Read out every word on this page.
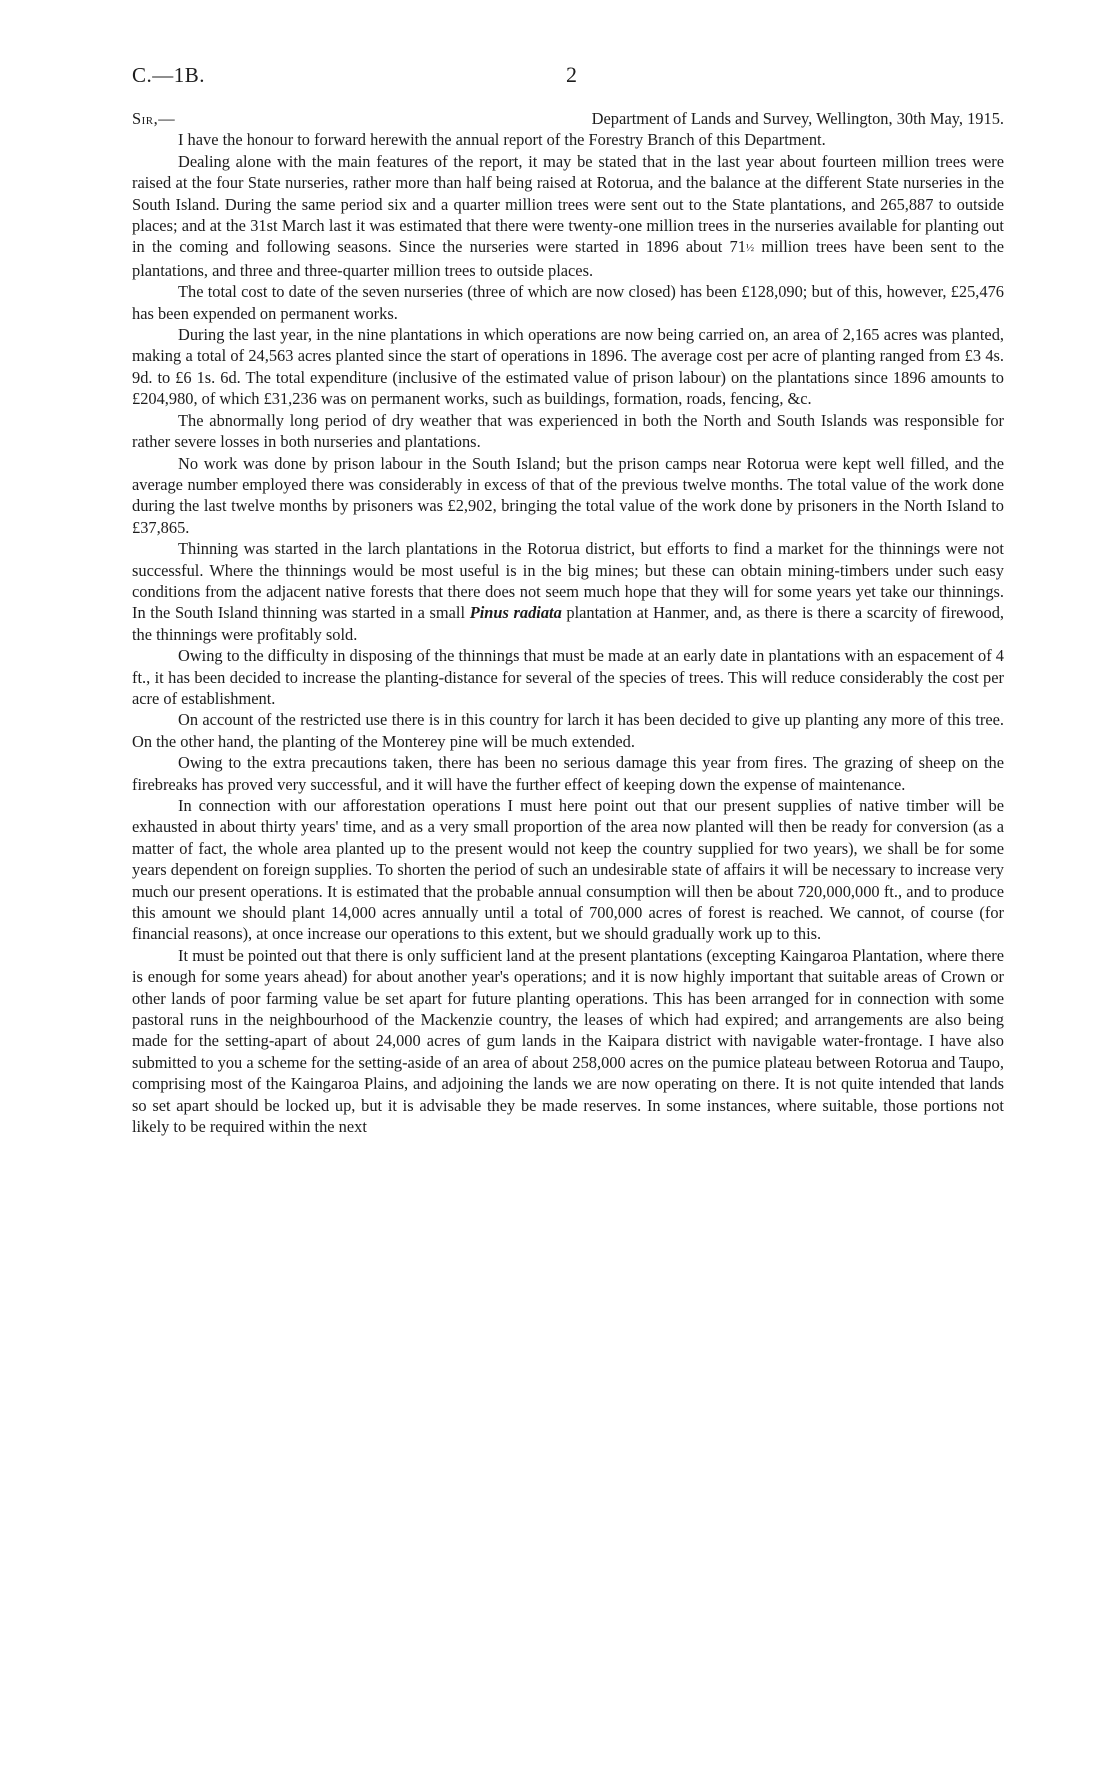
C.—1B.	2
Sir,—	Department of Lands and Survey, Wellington, 30th May, 1915.

I have the honour to forward herewith the annual report of the Forestry Branch of this Department.

Dealing alone with the main features of the report, it may be stated that in the last year about fourteen million trees were raised at the four State nurseries, rather more than half being raised at Rotorua, and the balance at the different State nurseries in the South Island. During the same period six and a quarter million trees were sent out to the State plantations, and 265,887 to outside places; and at the 31st March last it was estimated that there were twenty-one million trees in the nurseries available for planting out in the coming and following seasons. Since the nurseries were started in 1896 about 71½ million trees have been sent to the plantations, and three and three-quarter million trees to outside places.

The total cost to date of the seven nurseries (three of which are now closed) has been £128,090; but of this, however, £25,476 has been expended on permanent works.

During the last year, in the nine plantations in which operations are now being carried on, an area of 2,165 acres was planted, making a total of 24,563 acres planted since the start of operations in 1896. The average cost per acre of planting ranged from £3 4s. 9d. to £6 1s. 6d. The total expenditure (inclusive of the estimated value of prison labour) on the plantations since 1896 amounts to £204,980, of which £31,236 was on permanent works, such as buildings, formation, roads, fencing, &c.

The abnormally long period of dry weather that was experienced in both the North and South Islands was responsible for rather severe losses in both nurseries and plantations.

No work was done by prison labour in the South Island; but the prison camps near Rotorua were kept well filled, and the average number employed there was considerably in excess of that of the previous twelve months. The total value of the work done during the last twelve months by prisoners was £2,902, bringing the total value of the work done by prisoners in the North Island to £37,865.

Thinning was started in the larch plantations in the Rotorua district, but efforts to find a market for the thinnings were not successful. Where the thinnings would be most useful is in the big mines; but these can obtain mining-timbers under such easy conditions from the adjacent native forests that there does not seem much hope that they will for some years yet take our thinnings. In the South Island thinning was started in a small Pinus radiata plantation at Hanmer, and, as there is there a scarcity of firewood, the thinnings were profitably sold.

Owing to the difficulty in disposing of the thinnings that must be made at an early date in plantations with an espacement of 4 ft., it has been decided to increase the planting-distance for several of the species of trees. This will reduce considerably the cost per acre of establishment.

On account of the restricted use there is in this country for larch it has been decided to give up planting any more of this tree. On the other hand, the planting of the Monterey pine will be much extended.

Owing to the extra precautions taken, there has been no serious damage this year from fires. The grazing of sheep on the firebreaks has proved very successful, and it will have the further effect of keeping down the expense of maintenance.

In connection with our afforestation operations I must here point out that our present supplies of native timber will be exhausted in about thirty years' time, and as a very small proportion of the area now planted will then be ready for conversion (as a matter of fact, the whole area planted up to the present would not keep the country supplied for two years), we shall be for some years dependent on foreign supplies. To shorten the period of such an undesirable state of affairs it will be necessary to increase very much our present operations. It is estimated that the probable annual consumption will then be about 720,000,000 ft., and to produce this amount we should plant 14,000 acres annually until a total of 700,000 acres of forest is reached. We cannot, of course (for financial reasons), at once increase our operations to this extent, but we should gradually work up to this.

It must be pointed out that there is only sufficient land at the present plantations (excepting Kaingaroa Plantation, where there is enough for some years ahead) for about another year's operations; and it is now highly important that suitable areas of Crown or other lands of poor farming value be set apart for future planting operations. This has been arranged for in connection with some pastoral runs in the neighbourhood of the Mackenzie country, the leases of which had expired; and arrangements are also being made for the setting-apart of about 24,000 acres of gum lands in the Kaipara district with navigable water-frontage. I have also submitted to you a scheme for the setting-aside of an area of about 258,000 acres on the pumice plateau between Rotorua and Taupo, comprising most of the Kaingaroa Plains, and adjoining the lands we are now operating on there. It is not quite intended that lands so set apart should be locked up, but it is advisable they be made reserves. In some instances, where suitable, those portions not likely to be required within the next
